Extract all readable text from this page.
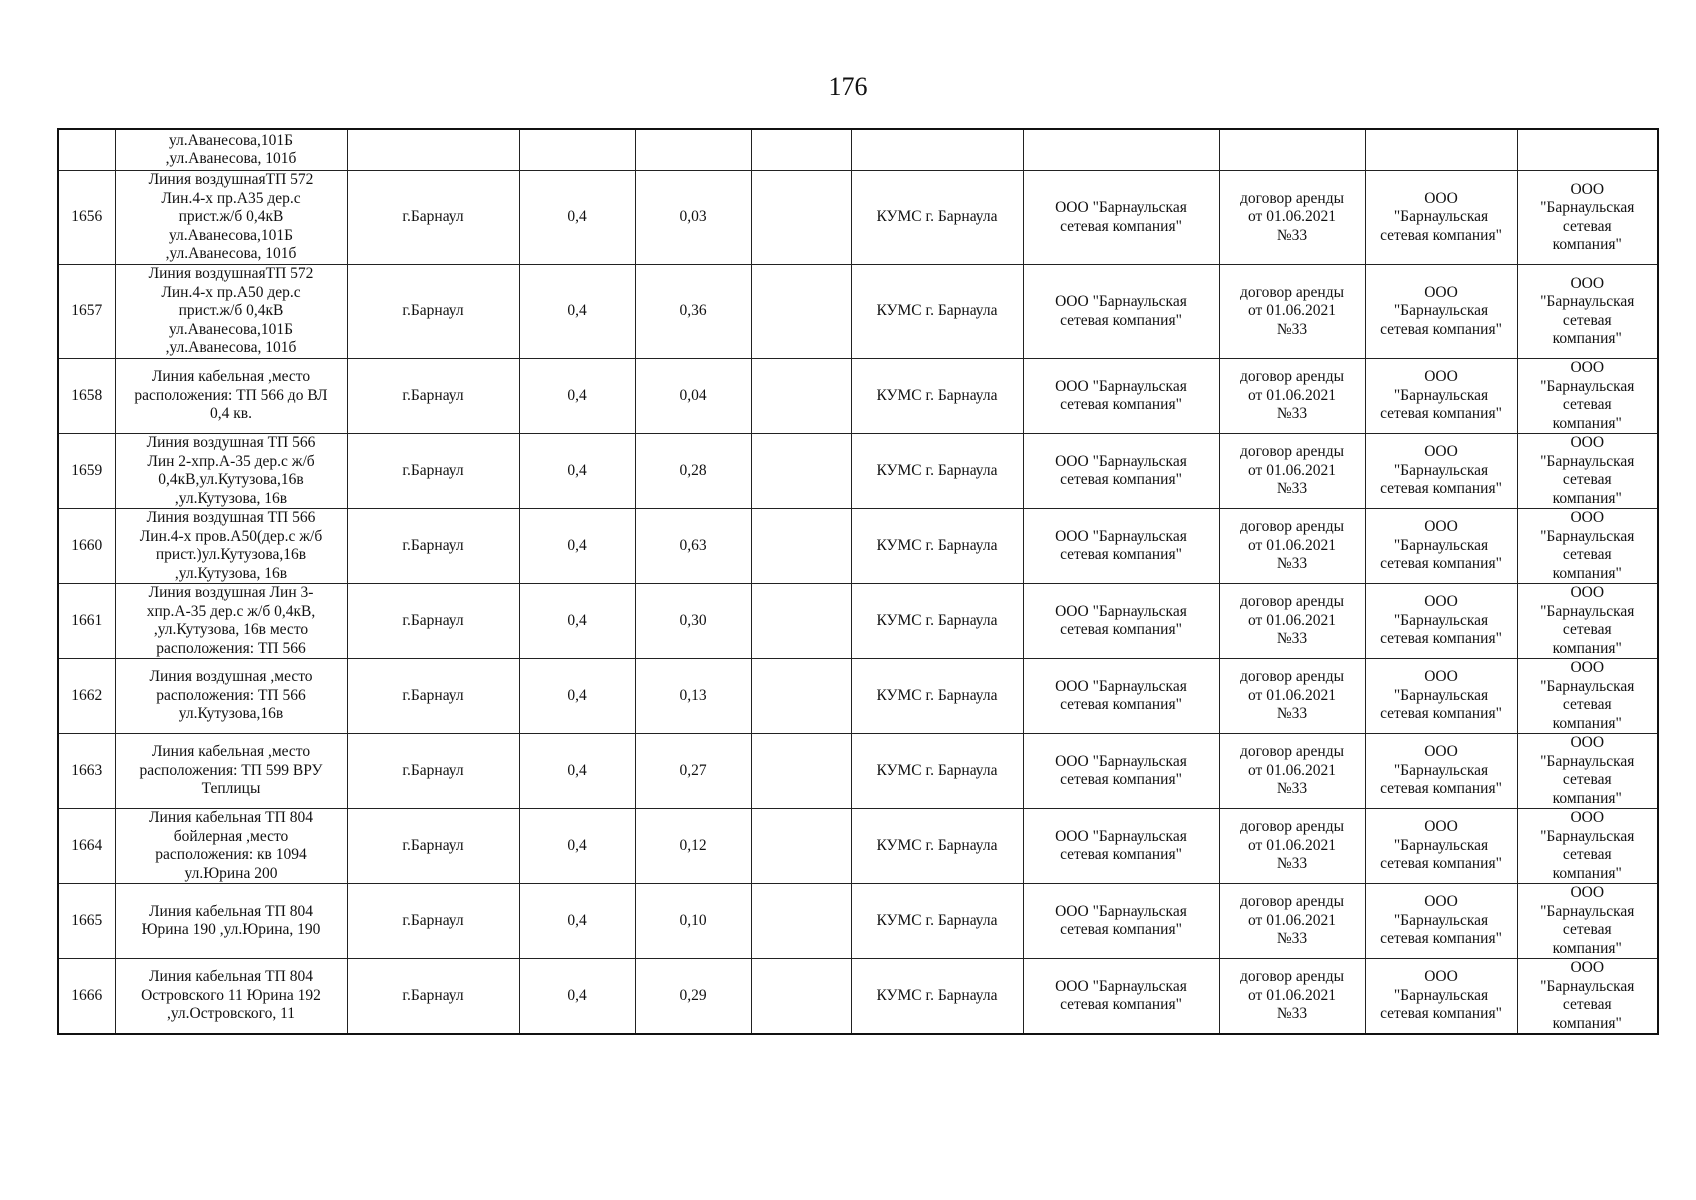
176

	ул.Аванесова,101Б
,ул.Аванесова, 101б									

1656	Линия воздушнаяТП 572
Лин.4-х пр.А35 дер.с
прист.ж/б 0,4кВ
ул.Аванесова,101Б
,ул.Аванесова, 101б	г.Барнаул	0,4	0,03		КУМС г. Барнаула	ООО "Барнаульская
сетевая компания"	договор аренды
от 01.06.2021
№33	ООО
"Барнаульская
сетевая компания"	ООО
"Барнаульская
сетевая
компания"

1657	Линия воздушнаяТП 572
Лин.4-х пр.А50 дер.с
прист.ж/б 0,4кВ
ул.Аванесова,101Б
,ул.Аванесова, 101б	г.Барнаул	0,4	0,36		КУМС г. Барнаула	ООО "Барнаульская
сетевая компания"	договор аренды
от 01.06.2021
№33	ООО
"Барнаульская
сетевая компания"	ООО
"Барнаульская
сетевая
компания"

1658	Линия кабельная ,место
расположения: ТП 566 до ВЛ
0,4 кв.	г.Барнаул	0,4	0,04		КУМС г. Барнаула	ООО "Барнаульская
сетевая компания"	договор аренды
от 01.06.2021
№33	ООО
"Барнаульская
сетевая компания"	ООО
"Барнаульская
сетевая
компания"

1659	Линия воздушная ТП 566
Лин 2-хпр.А-35 дер.с ж/б
0,4кВ,ул.Кутузова,16в
,ул.Кутузова, 16в	г.Барнаул	0,4	0,28		КУМС г. Барнаула	ООО "Барнаульская
сетевая компания"	договор аренды
от 01.06.2021
№33	ООО
"Барнаульская
сетевая компания"	ООО
"Барнаульская
сетевая
компания"

1660	Линия воздушная ТП 566
Лин.4-х пров.А50(дер.с ж/б
прист.)ул.Кутузова,16в
,ул.Кутузова, 16в	г.Барнаул	0,4	0,63		КУМС г. Барнаула	ООО "Барнаульская
сетевая компания"	договор аренды
от 01.06.2021
№33	ООО
"Барнаульская
сетевая компания"	ООО
"Барнаульская
сетевая
компания"

1661	Линия воздушная Лин 3-
хпр.А-35 дер.с ж/б 0,4кВ,
,ул.Кутузова, 16в место
расположения: ТП 566	г.Барнаул	0,4	0,30		КУМС г. Барнаула	ООО "Барнаульская
сетевая компания"	договор аренды
от 01.06.2021
№33	ООО
"Барнаульская
сетевая компания"	ООО
"Барнаульская
сетевая
компания"

1662	Линия воздушная ,место
расположения: ТП 566
ул.Кутузова,16в	г.Барнаул	0,4	0,13		КУМС г. Барнаула	ООО "Барнаульская
сетевая компания"	договор аренды
от 01.06.2021
№33	ООО
"Барнаульская
сетевая компания"	ООО
"Барнаульская
сетевая
компания"

1663	Линия кабельная ,место
расположения: ТП 599 ВРУ
Теплицы	г.Барнаул	0,4	0,27		КУМС г. Барнаула	ООО "Барнаульская
сетевая компания"	договор аренды
от 01.06.2021
№33	ООО
"Барнаульская
сетевая компания"	ООО
"Барнаульская
сетевая
компания"

1664	Линия кабельная ТП 804
бойлерная ,место
расположения: кв 1094
ул.Юрина 200	г.Барнаул	0,4	0,12		КУМС г. Барнаула	ООО "Барнаульская
сетевая компания"	договор аренды
от 01.06.2021
№33	ООО
"Барнаульская
сетевая компания"	ООО
"Барнаульская
сетевая
компания"

1665	Линия кабельная ТП 804
Юрина 190 ,ул.Юрина, 190	г.Барнаул	0,4	0,10		КУМС г. Барнаула	ООО "Барнаульская
сетевая компания"	договор аренды
от 01.06.2021
№33	ООО
"Барнаульская
сетевая компания"	ООО
"Барнаульская
сетевая
компания"

1666	Линия кабельная ТП 804
Островского 11 Юрина 192
,ул.Островского, 11	г.Барнаул	0,4	0,29		КУМС г. Барнаула	ООО "Барнаульская
сетевая компания"	договор аренды
от 01.06.2021
№33	ООО
"Барнаульская
сетевая компания"	ООО
"Барнаульская
сетевая
компания"
